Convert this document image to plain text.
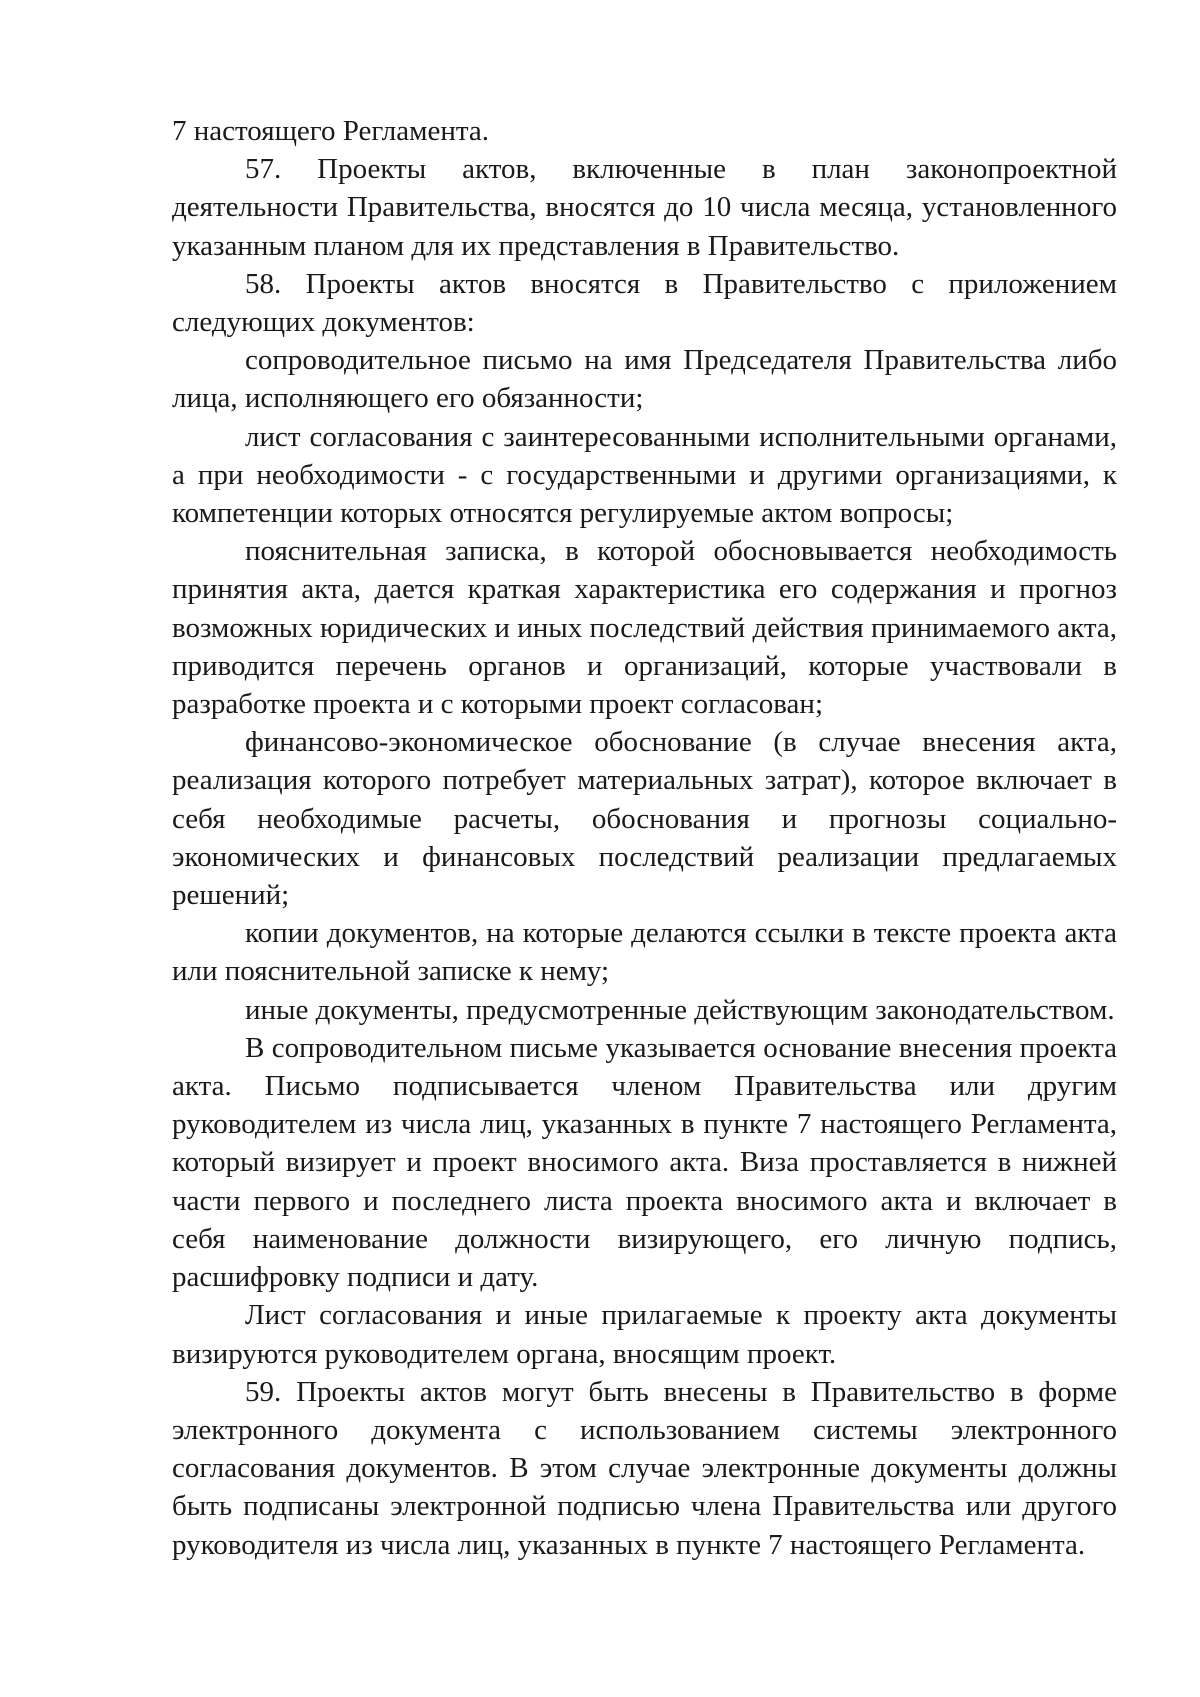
7 настоящего Регламента.

57. Проекты актов, включенные в план законопроектной деятельности Правительства, вносятся до 10 числа месяца, установленного указанным планом для их представления в Правительство.

58. Проекты актов вносятся в Правительство с приложением следующих документов:

сопроводительное письмо на имя Председателя Правительства либо лица, исполняющего его обязанности;

лист согласования с заинтересованными исполнительными органами, а при необходимости - с государственными и другими организациями, к компетенции которых относятся регулируемые актом вопросы;

пояснительная записка, в которой обосновывается необходимость принятия акта, дается краткая характеристика его содержания и прогноз возможных юридических и иных последствий действия принимаемого акта, приводится перечень органов и организаций, которые участвовали в разработке проекта и с которыми проект согласован;

финансово-экономическое обоснование (в случае внесения акта, реализация которого потребует материальных затрат), которое включает в себя необходимые расчеты, обоснования и прогнозы социально-экономических и финансовых последствий реализации предлагаемых решений;

копии документов, на которые делаются ссылки в тексте проекта акта или пояснительной записке к нему;

иные документы, предусмотренные действующим законодательством.

В сопроводительном письме указывается основание внесения проекта акта. Письмо подписывается членом Правительства или другим руководителем из числа лиц, указанных в пункте 7 настоящего Регламента, который визирует и проект вносимого акта. Виза проставляется в нижней части первого и последнего листа проекта вносимого акта и включает в себя наименование должности визирующего, его личную подпись, расшифровку подписи и дату.

Лист согласования и иные прилагаемые к проекту акта документы визируются руководителем органа, вносящим проект.

59. Проекты актов могут быть внесены в Правительство в форме электронного документа с использованием системы электронного согласования документов. В этом случае электронные документы должны быть подписаны электронной подписью члена Правительства или другого руководителя из числа лиц, указанных в пункте 7 настоящего Регламента.
